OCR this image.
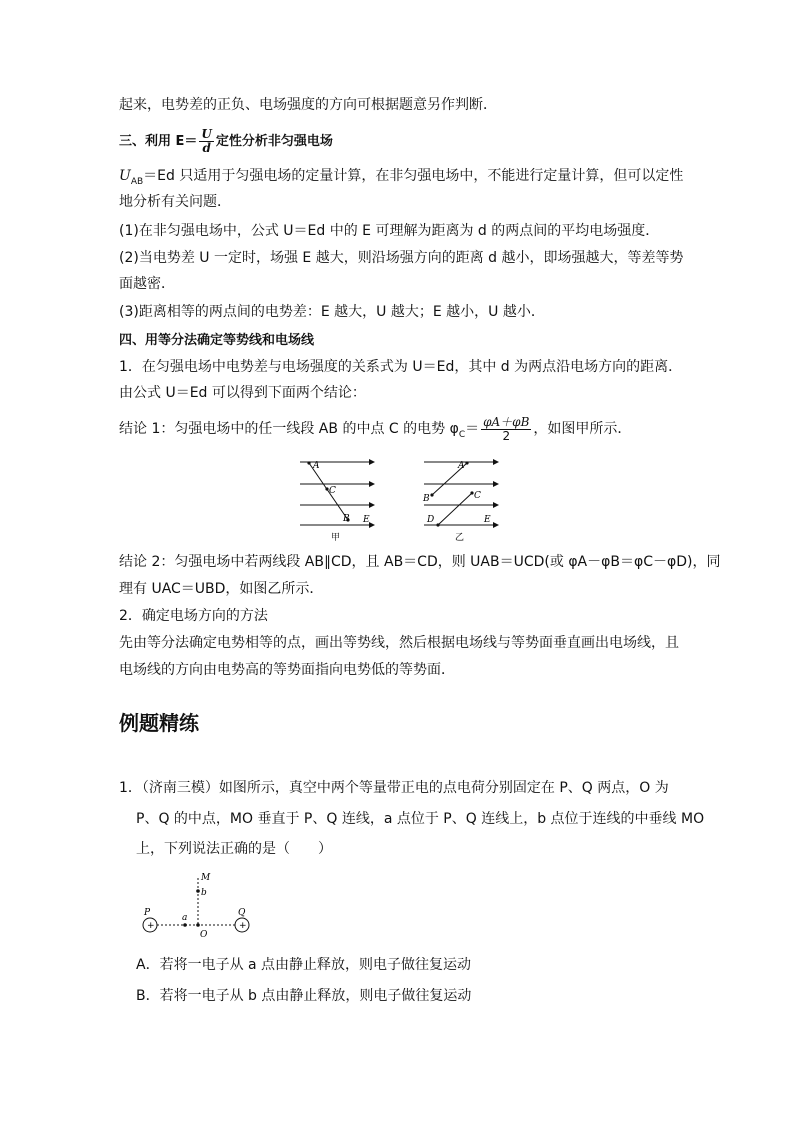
起来，电势差的正负、电场强度的方向可根据题意另作判断．
三、利用 $E= \frac{U}{d}$ 定性分析非匀强电场
$U_{AB}=Ed$ 只适用于匀强电场的定量计算，在非匀强电场中，不能进行定量计算，但可以定性
地分析有关问题．
(1)在非匀强电场中，公式 U＝Ed 中的 E 可理解为距离为 d 的两点间的平均电场强度．
(2)当电势差 U 一定时，场强 E 越大，则沿场强方向的距离 d 越小，即场强越大，等差等势
面越密．
(3)距离相等的两点间的电势差：E 越大，U 越大；E 越小，U 越小．
四、用等分法确定等势线和电场线
1．在匀强电场中电势差与电场强度的关系式为 U＝Ed，其中 d 为两点沿电场方向的距离．
由公式 U＝Ed 可以得到下面两个结论：
结论 1：匀强电场中的任一线段 AB 的中点 C 的电势 $\varphi_C= \frac{\varphi A+\varphi B}{2}$ ，如图甲所示．
A
C
B E
甲
A
B	C
D	E
乙
结论 2：匀强电场中若两线段 AB∥CD，且 AB＝CD，则 UAB＝UCD(或 φA－φB＝φC－φD)，同
理有 UAC＝UBD，如图乙所示．
2．确定电场方向的方法
先由等分法确定电势相等的点，画出等势线，然后根据电场线与等势面垂直画出电场线，且
电场线的方向由电势高的等势面指向电势低的等势面．
例题精练
1．（济南三模）如图所示，真空中两个等量带正电的点电荷分别固定在 P、Q 两点，O 为
P、Q 的中点，MO 垂直于 P、Q 连线，a 点位于 P、Q 连线上，b 点位于连线的中垂线 MO
上，下列说法正确的是（　　）
+	+
P	Q
M
b
a
O
A．若将一电子从 a 点由静止释放，则电子做往复运动
B．若将一电子从 b 点由静止释放，则电子做往复运动
